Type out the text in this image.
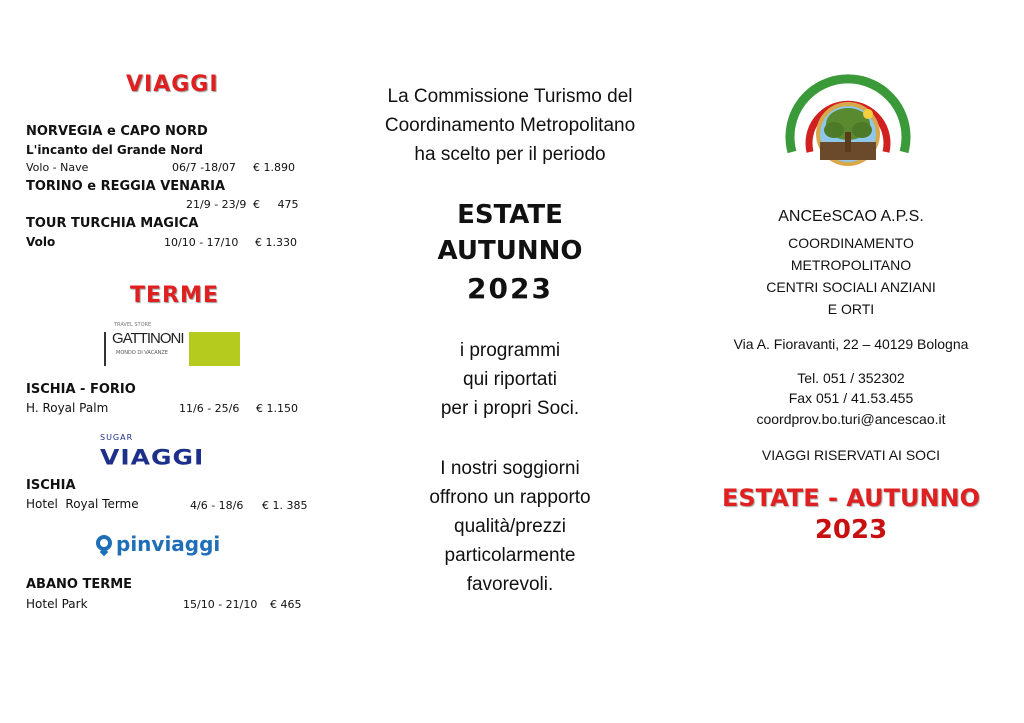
VIAGGI
NORVEGIA e CAPO NORD
L'incanto del Grande Nord
Volo - Nave	06/7 -18/07 € 1.890
TORINO e REGGIA VENARIA
21/9 - 23/9 €     475
TOUR TURCHIA MAGICA
Volo	10/10 - 17/10 € 1.330
TERME
TRAVEL STORE
GATTINONI
MONDO DI VACANZE
ISCHIA - FORIO
H. Royal Palm	11/6 - 25/6 € 1.150
SUGAR
VIAGGI
ISCHIA
Hotel  Royal Terme	4/6 - 18/6 € 1. 385
pinviaggi
ABANO TERME
Hotel Park	15/10 - 21/10 € 465
La Commissione Turismo del
Coordinamento Metropolitano
ha scelto per il periodo
ESTATE
AUTUNNO
2023
i programmi
qui riportati
per i propri Soci.
I nostri soggiorni
offrono un rapporto
qualità/prezzi
particolarmente
favorevoli.
ANCEeSCAO A.P.S.
COORDINAMENTO
METROPOLITANO
CENTRI SOCIALI ANZIANI
E ORTI
Via A. Fioravanti, 22 – 40129 Bologna
Tel. 051 / 352302
Fax 051 / 41.53.455
coordprov.bo.turi@ancescao.it
VIAGGI RISERVATI AI SOCI
ESTATE - AUTUNNO
2023
